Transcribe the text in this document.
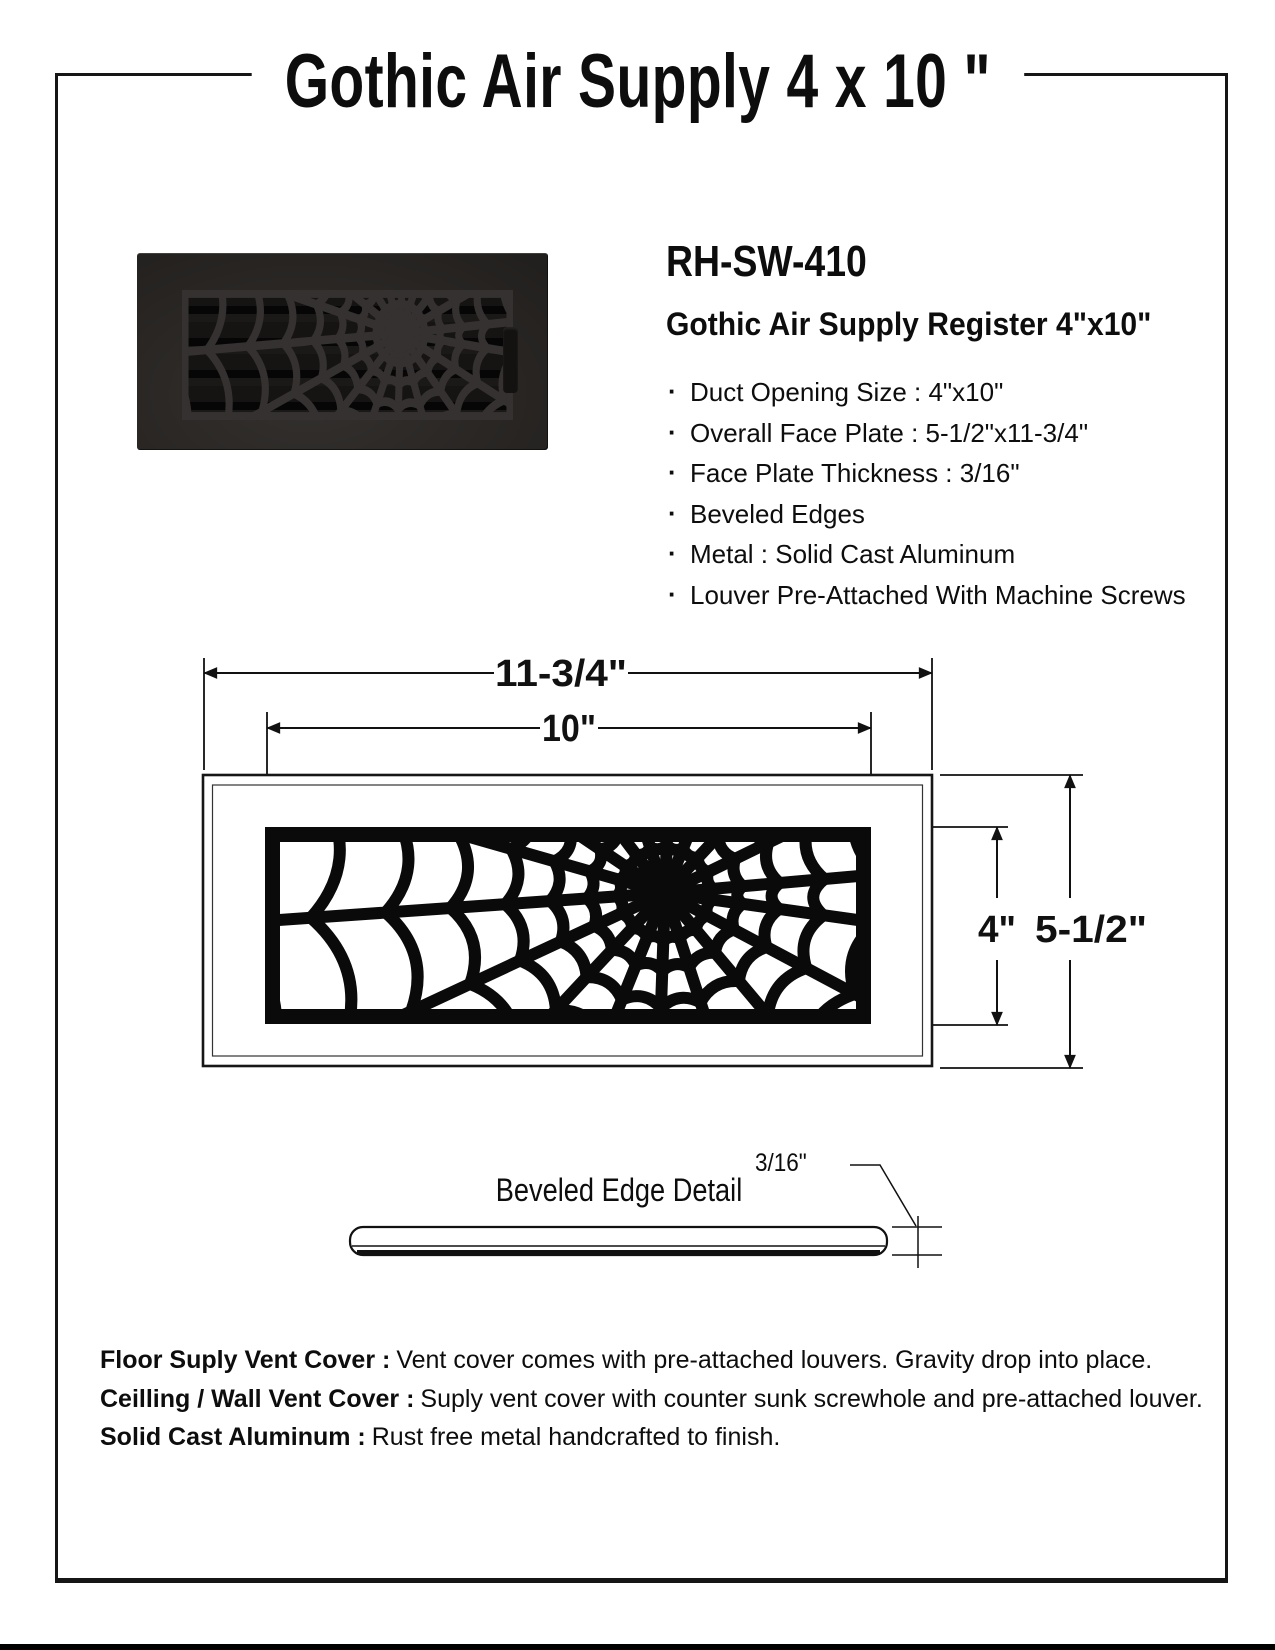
Gothic Air Supply 4 x 10 "
RH-SW-410
Gothic Air Supply Register 4"x10"
· Duct Opening Size : 4"x10"
· Overall Face Plate : 5-1/2"x11-3/4"
· Face Plate Thickness : 3/16"
· Beveled Edges
· Metal : Solid Cast Aluminum
· Louver Pre-Attached With Machine Screws
11-3/4"
10"
4" 5-1/2"
Beveled Edge Detail
3/16"
Floor Suply Vent Cover : Vent cover comes with pre-attached louvers. Gravity drop into place.
Ceilling / Wall Vent Cover : Suply vent cover with counter sunk screwhole and pre-attached louver.
Solid Cast Aluminum : Rust free metal handcrafted to finish.
